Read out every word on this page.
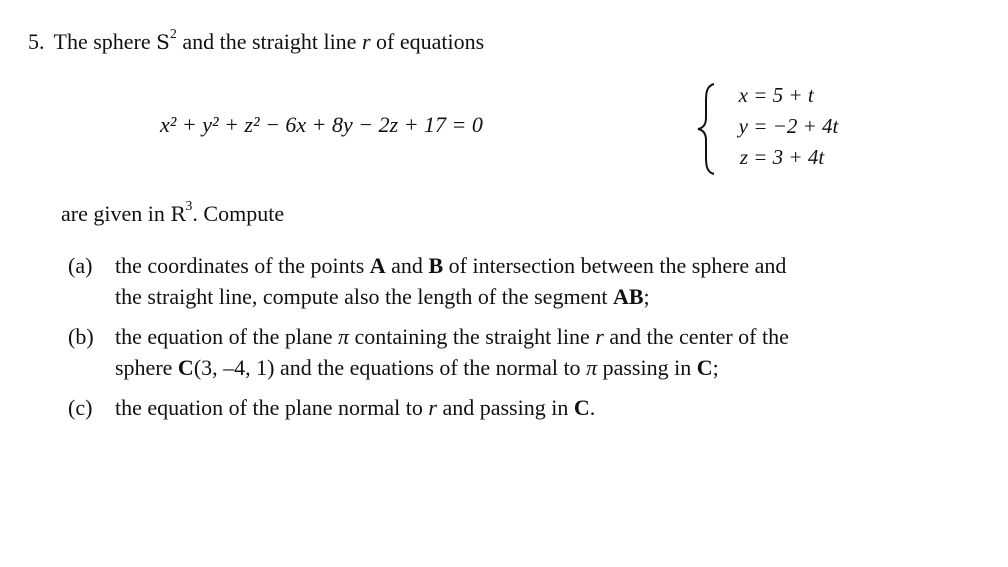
5. The sphere $S^2$ and the straight line r of equations
x² + y² + z² − 6x + 8y − 2z + 17 = 0
x = 5 + t
y = −2 + 4t
z = 3 + 4t
are given in $R^3$. Compute
(a) the coordinates of the points A and B of intersection between the sphere and
the straight line, compute also the length of the segment AB;
(b) the equation of the plane π containing the straight line r and the center of the
sphere C(3, –4, 1) and the equations of the normal to π passing in C;
(c) the equation of the plane normal to r and passing in C.
